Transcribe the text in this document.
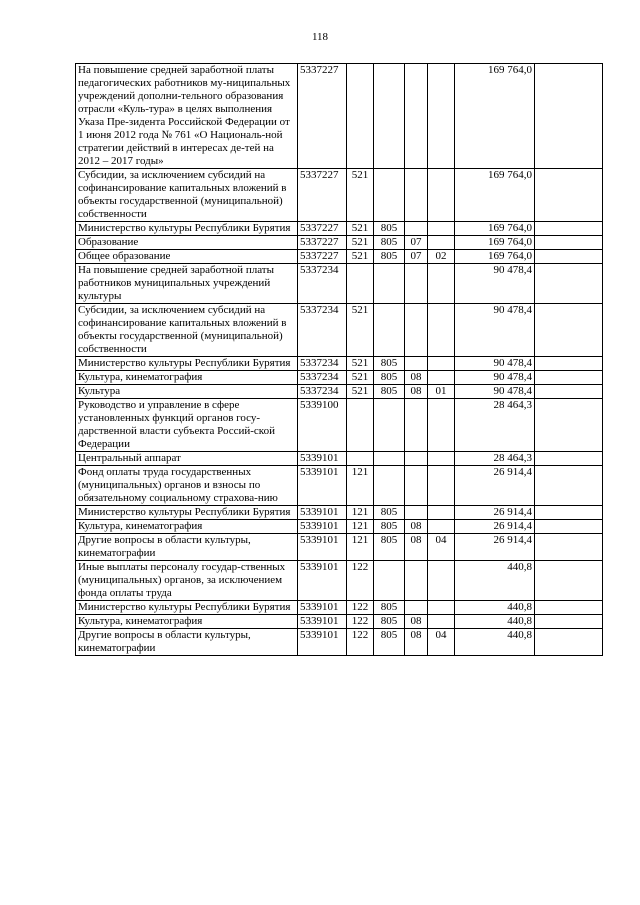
118
На повышение средней заработной платы педагогических работников му-ниципальных учреждений дополни-тельного образования отрасли «Куль-тура» в целях выполнения Указа Пре-зидента Российской Федерации от 1 июня 2012 года № 761 «О Националь-ной стратегии действий в интересах де-тей на 2012 – 2017 годы»	5337227					169 764,0	
Субсидии, за исключением субсидий на софинансирование капитальных вложений в объекты государственной (муниципальной) собственности	5337227	521				169 764,0	
Министерство культуры Республики Бурятия	5337227	521	805			169 764,0	
Образование	5337227	521	805	07		169 764,0	
Общее образование	5337227	521	805	07	02	169 764,0	
На повышение средней заработной платы работников муниципальных учреждений культуры	5337234					90 478,4	
Субсидии, за исключением субсидий на софинансирование капитальных вложений в объекты государственной (муниципальной) собственности	5337234	521				90 478,4	
Министерство культуры Республики Бурятия	5337234	521	805			90 478,4	
Культура, кинематография	5337234	521	805	08		90 478,4	
Культура	5337234	521	805	08	01	90 478,4	
Руководство и управление в сфере установленных функций органов госу-дарственной власти субъекта Россий-ской Федерации	5339100					28 464,3	
Центральный аппарат	5339101					28 464,3	
Фонд оплаты труда государственных (муниципальных) органов и взносы по обязательному социальному страхова-нию	5339101	121				26 914,4	
Министерство культуры Республики Бурятия	5339101	121	805			26 914,4	
Культура, кинематография	5339101	121	805	08		26 914,4	
Другие вопросы в области культуры, кинематографии	5339101	121	805	08	04	26 914,4	
Иные выплаты персоналу государ-ственных (муниципальных) органов, за исключением фонда оплаты труда	5339101	122				440,8	
Министерство культуры Республики Бурятия	5339101	122	805			440,8	
Культура, кинематография	5339101	122	805	08		440,8	
Другие вопросы в области культуры, кинематографии	5339101	122	805	08	04	440,8	
